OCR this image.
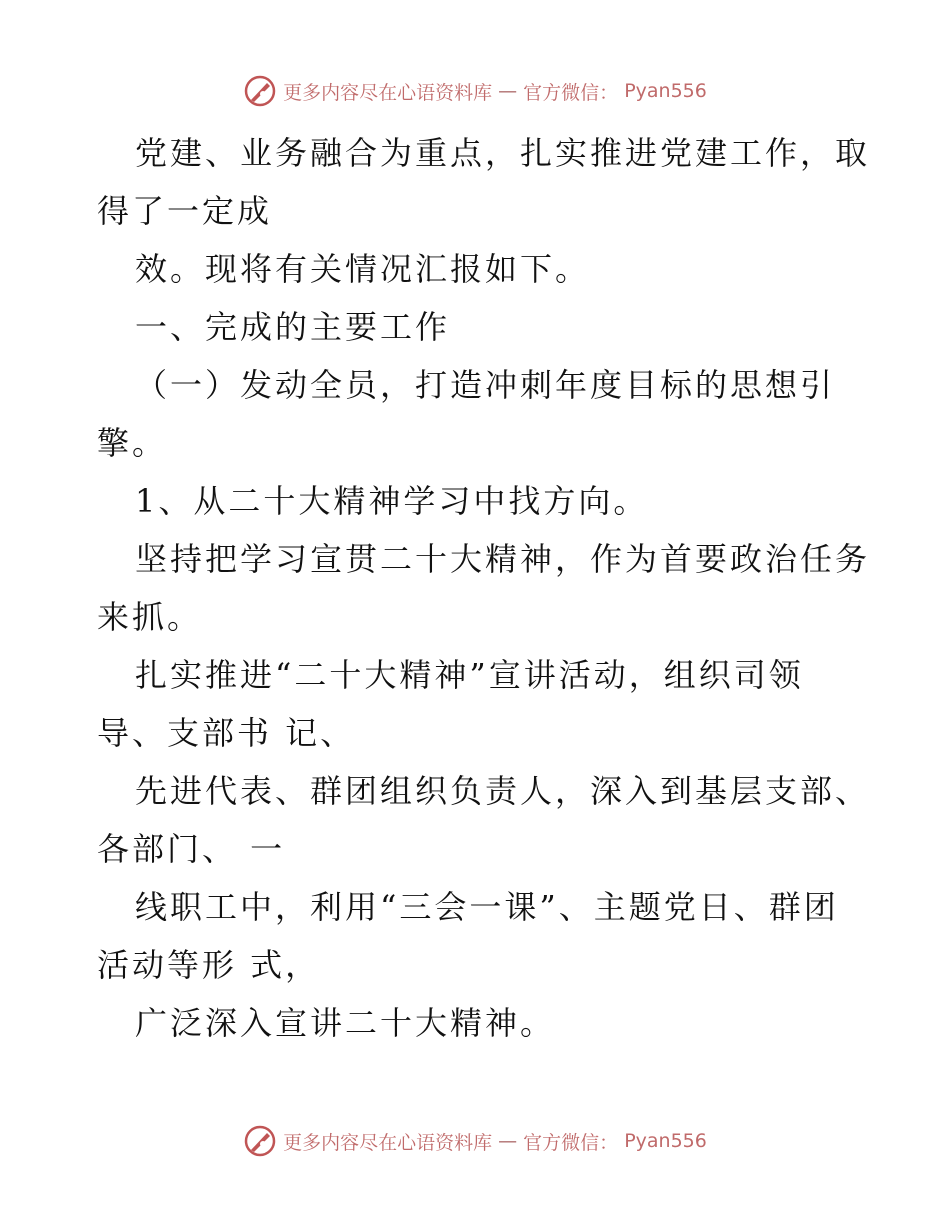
更多内容尽在心语资料库 — 官方微信： Pyan556

党建、业务融合为重点，扎实推进党建工作，取

得了一定成

效。现将有关情况汇报如下。

一、完成的主要工作

（一）发动全员，打造冲刺年度目标的思想引

擎。

1、从二十大精神学习中找方向。

坚持把学习宣贯二十大精神，作为首要政治任务

来抓。

扎实推进“二十大精神”宣讲活动，组织司领

导、支部书 记、

先进代表、群团组织负责人，深入到基层支部、

各部门、 一

线职工中，利用“三会一课”、主题党日、群团

活动等形 式，

广泛深入宣讲二十大精神。

更多内容尽在心语资料库 — 官方微信： Pyan556
